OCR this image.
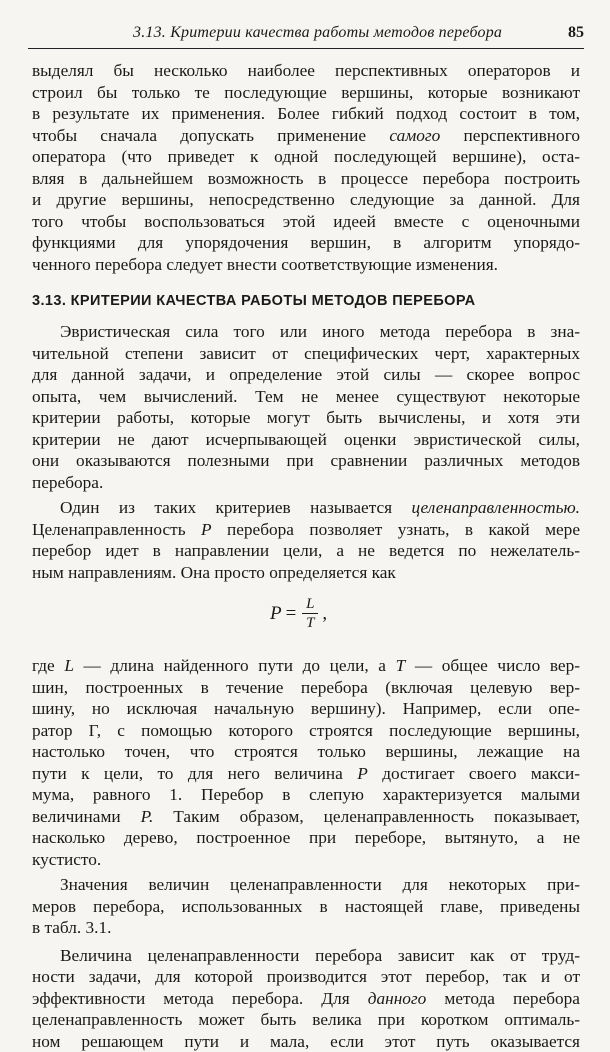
3.13. Критерии качества работы методов перебора	85

выделял бы несколько наиболее перспективных операторов и
строил бы только те последующие вершины, которые возникают
в результате их применения. Более гибкий подход состоит в том,
чтобы сначала допускать применение самого перспективного
оператора (что приведет к одной последующей вершине), оста-
вляя в дальнейшем возможность в процессе перебора построить
и другие вершины, непосредственно следующие за данной. Для
того чтобы воспользоваться этой идеей вместе с оценочными
функциями для упорядочения вершин, в алгоритм упорядо-
ченного перебора следует внести соответствующие изменения.

3.13. КРИТЕРИИ КАЧЕСТВА РАБОТЫ МЕТОДОВ ПЕРЕБОРА

Эвристическая сила того или иного метода перебора в зна-
чительной степени зависит от специфических черт, характерных
для данной задачи, и определение этой силы — скорее вопрос
опыта, чем вычислений. Тем не менее существуют некоторые
критерии работы, которые могут быть вычислены, и хотя эти
критерии не дают исчерпывающей оценки эвристической силы,
они оказываются полезными при сравнении различных методов
перебора.

Один из таких критериев называется целенаправленностью.
Целенаправленность P перебора позволяет узнать, в какой мере
перебор идет в направлении цели, а не ведется по нежелатель-
ным направлениям. Она просто определяется как

$P = \frac{L}{T}$ ,

где L — длина найденного пути до цели, а T — общее число вер-
шин, построенных в течение перебора (включая целевую вер-
шину, но исключая начальную вершину). Например, если опе-
ратор Г, с помощью которого строятся последующие вершины,
настолько точен, что строятся только вершины, лежащие на
пути к цели, то для него величина P достигает своего макси-
мума, равного 1. Перебор в слепую характеризуется малыми
величинами P. Таким образом, целенаправленность показывает,
насколько дерево, построенное при переборе, вытянуто, а не
кустисто.

Значения величин целенаправленности для некоторых при-
меров перебора, использованных в настоящей главе, приведены
в табл. 3.1.

Величина целенаправленности перебора зависит как от труд-
ности задачи, для которой производится этот перебор, так и от
эффективности метода перебора. Для данного метода перебора
целенаправленность может быть велика при коротком оптималь-
ном решающем пути и мала, если этот путь оказывается
